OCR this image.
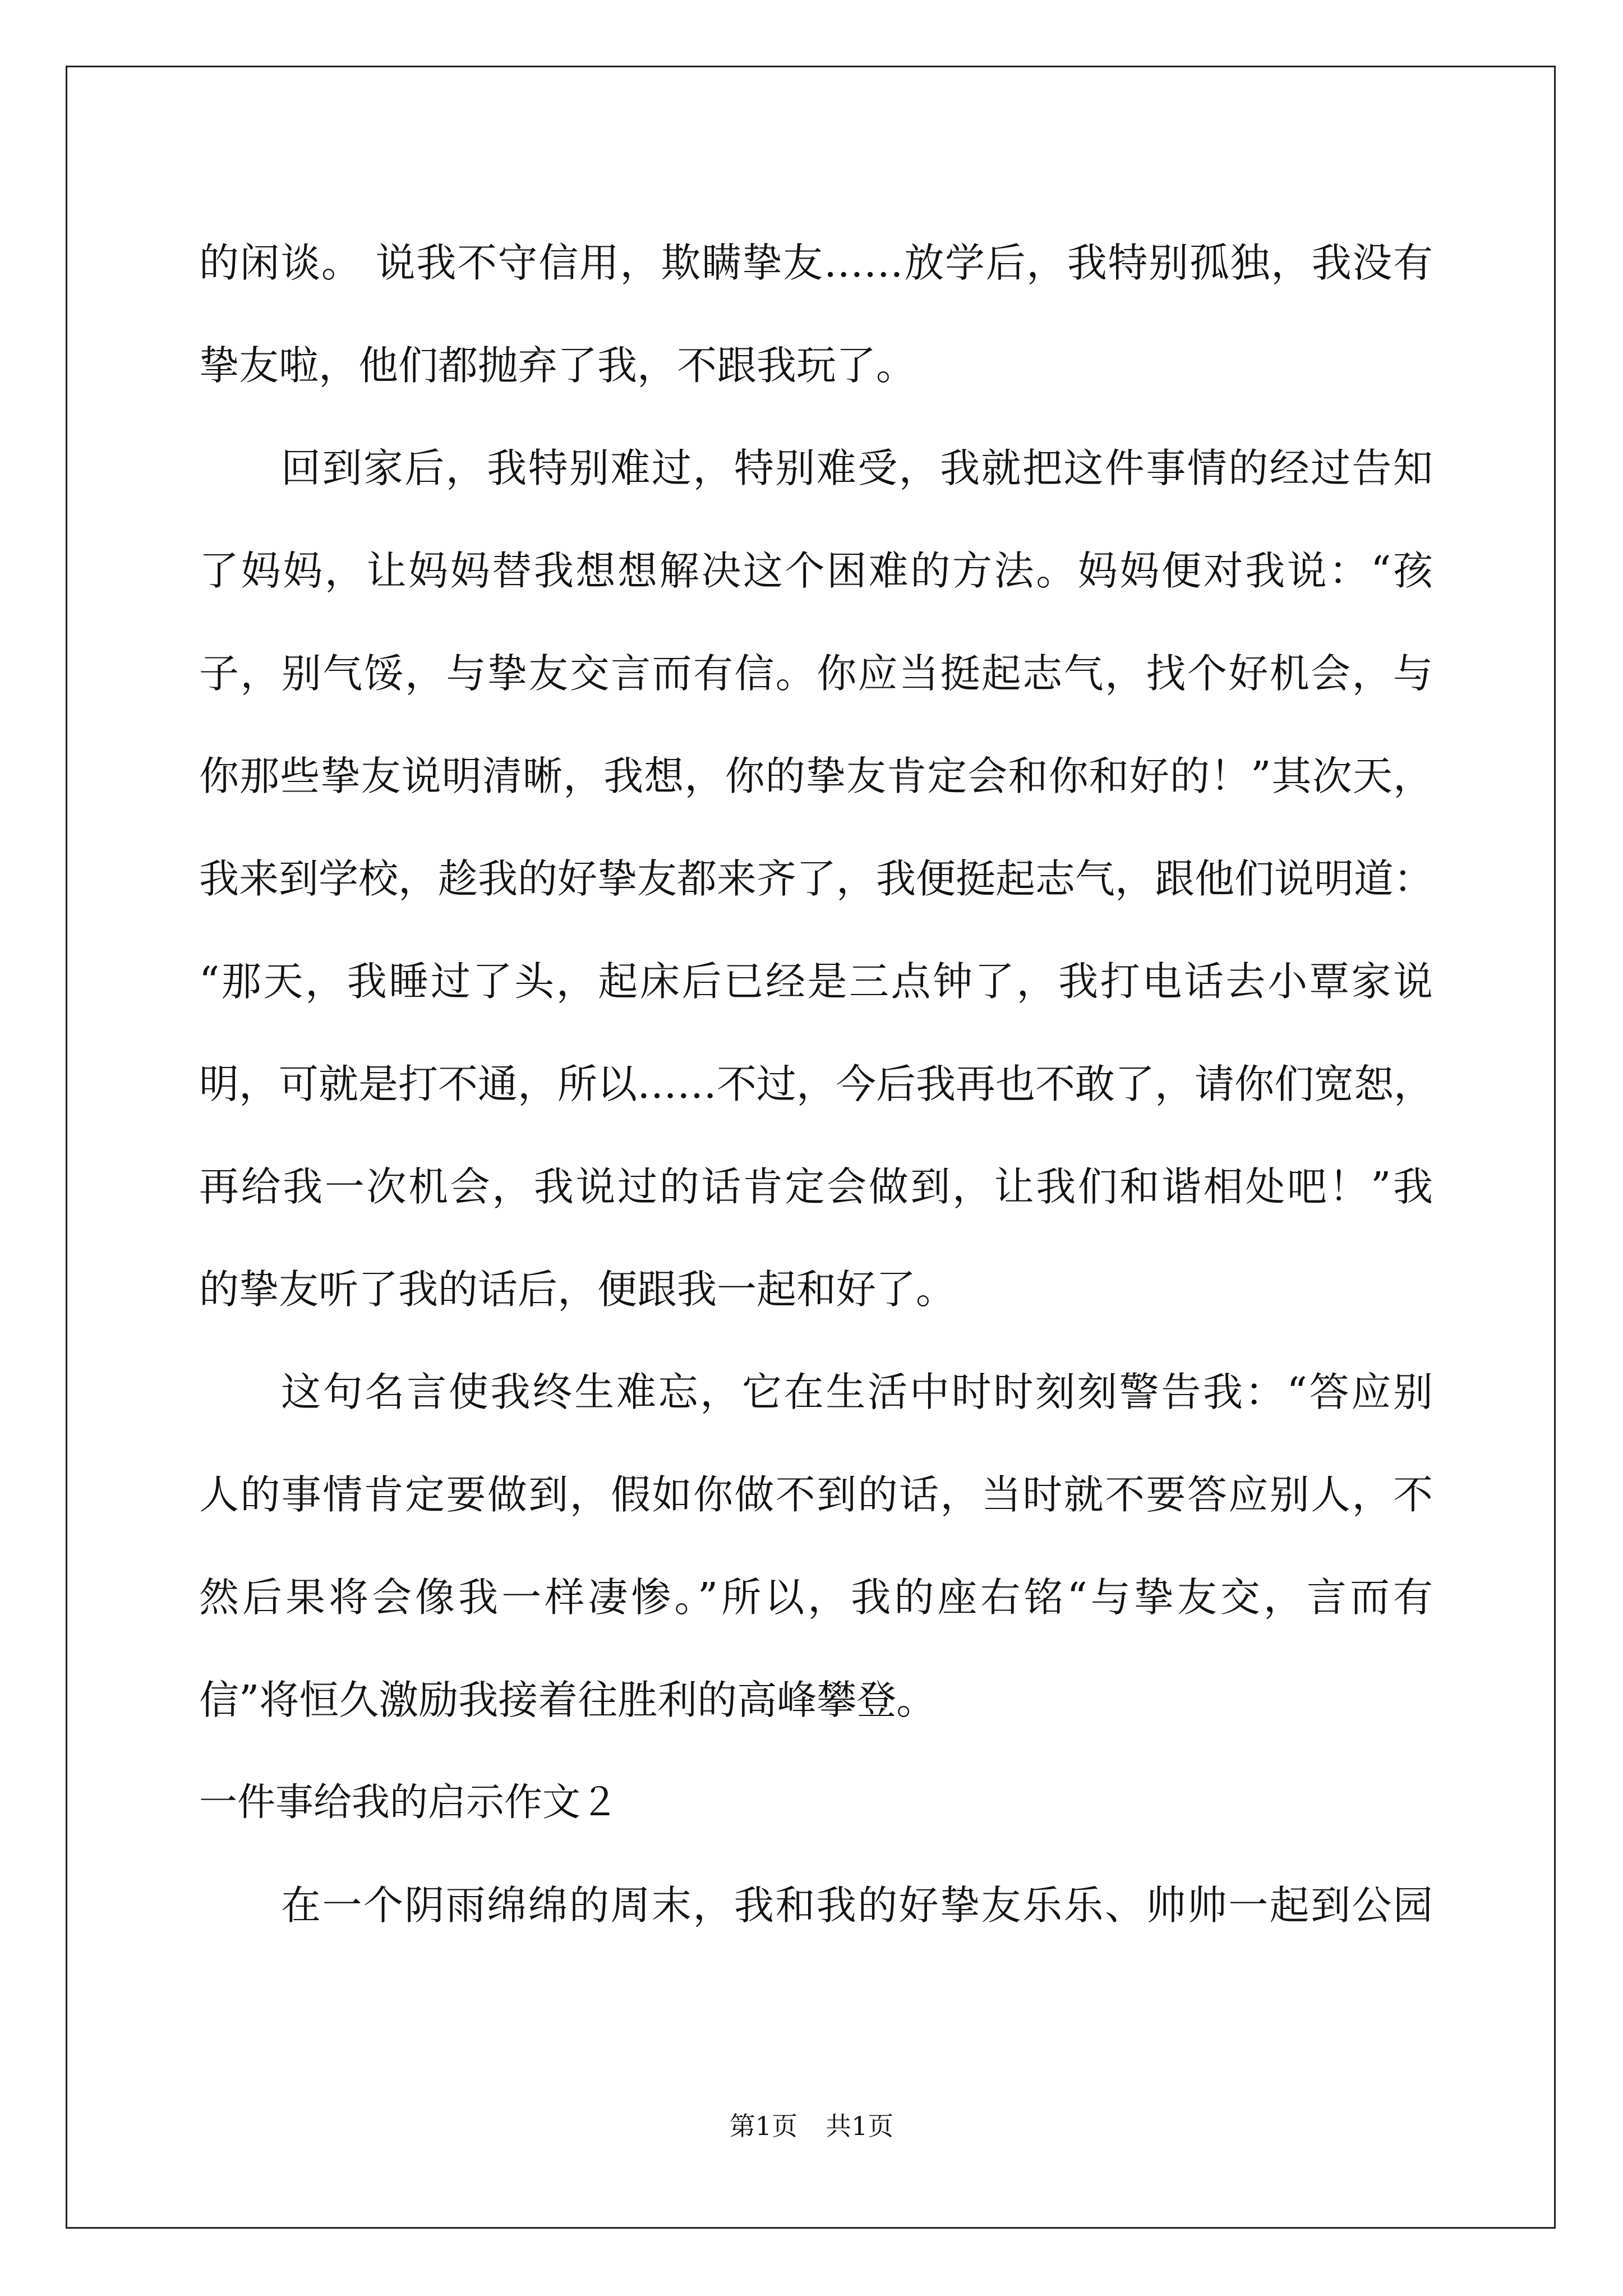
的闲谈。 说我不守信用，欺瞒挚友……放学后，我特别孤独，我没有
挚友啦，他们都抛弃了我，不跟我玩了。
回到家后，我特别难过，特别难受，我就把这件事情的经过告知
了妈妈，让妈妈替我想想解决这个困难的方法。妈妈便对我说：“孩
子，别气馁，与挚友交言而有信。你应当挺起志气，找个好机会，与
你那些挚友说明清晰，我想，你的挚友肯定会和你和好的！”其次天，
我来到学校，趁我的好挚友都来齐了，我便挺起志气，跟他们说明道：
“那天，我睡过了头，起床后已经是三点钟了，我打电话去小覃家说
明，可就是打不通，所以……不过，今后我再也不敢了，请你们宽恕，
再给我一次机会，我说过的话肯定会做到，让我们和谐相处吧！”我
的挚友听了我的话后，便跟我一起和好了。
这句名言使我终生难忘，它在生活中时时刻刻警告我：“答应别
人的事情肯定要做到，假如你做不到的话，当时就不要答应别人，不
然后果将会像我一样凄惨。”所以，我的座右铭“与挚友交，言而有
信”将恒久激励我接着往胜利的高峰攀登。
一件事给我的启示作文２
在一个阴雨绵绵的周末，我和我的好挚友乐乐、帅帅一起到公园
第1页 共1页
